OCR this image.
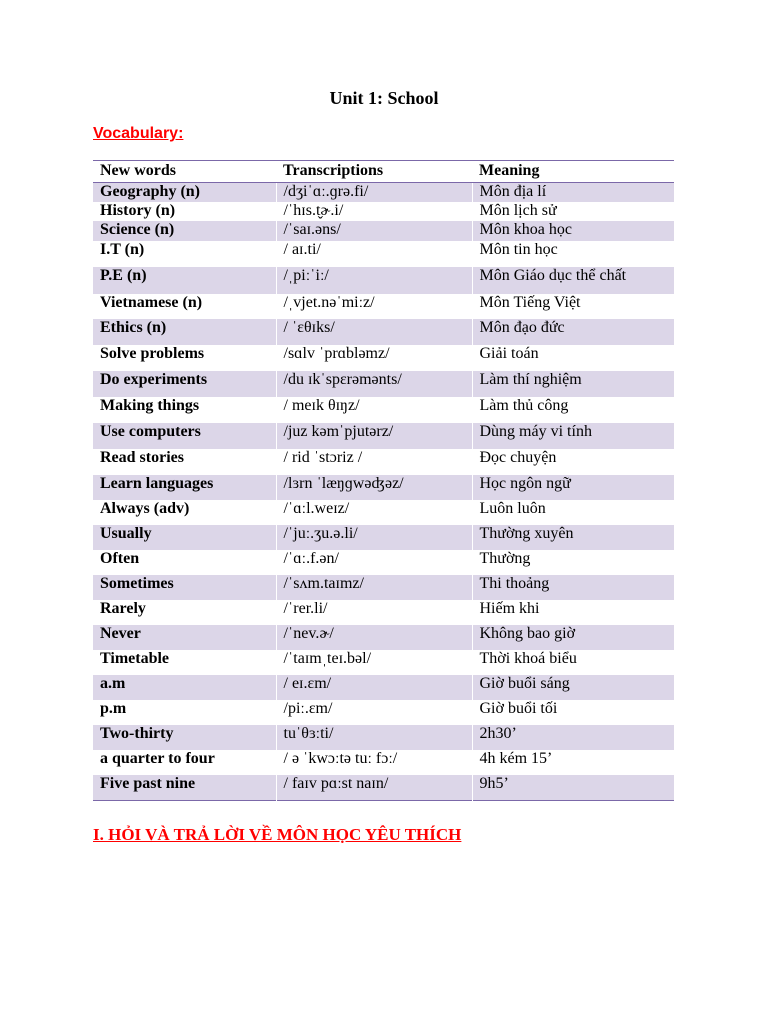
Unit 1: School
Vocabulary:
New words	Transcriptions	Meaning
Geography (n)	/dʒiˈɑː.ɡrə.fi/	Môn địa lí
History (n)	/ˈhɪs.t̬ɚ.i/	Môn lịch sử
Science (n)	/ˈsaɪ.əns/	Môn khoa học
I.T (n)	/ aɪ.ti/	Môn tin học
P.E (n)	/ˌpiːˈiː/	Môn Giáo dục thể chất
Vietnamese (n)	/ˌvjet.nəˈmiːz/	Môn Tiếng Việt
Ethics (n)	/ ˈɛθɪks/	Môn đạo đức
Solve problems	/sɑlv ˈprɑbləmz/	Giải toán
Do experiments	/du ɪkˈspɛrəmənts/	Làm thí nghiệm
Making things	/ meɪk θɪŋz/	Làm thủ công
Use computers	/juz kəmˈpjutərz/	Dùng máy vi tính
Read stories	/ rid ˈstɔriz /	Đọc chuyện
Learn languages	/lɜrn ˈlæŋɡwəʤəz/	Học ngôn ngữ
Always (adv)	/ˈɑːl.weɪz/	Luôn luôn
Usually	/ˈjuː.ʒu.ə.li/	Thường xuyên
Often	/ˈɑː.f.ən/	Thường
Sometimes	/ˈsʌm.taɪmz/	Thi thoảng
Rarely	/ˈrer.li/	Hiếm khi
Never	/ˈnev.ɚ/	Không bao giờ
Timetable	/ˈtaɪmˌteɪ.bəl/	Thời khoá biểu
a.m	/ eɪ.ɛm/	Giờ buổi sáng
p.m	/piː.ɛm/	Giờ buổi tối
Two-thirty	tuˈθɜːti/	2h30’
a quarter to four	/ ə ˈkwɔːtə tuː fɔː/	4h kém 15’
Five past nine	/ faɪv pɑːst naɪn/	9h5’
I. HỎI VÀ TRẢ LỜI VỀ MÔN HỌC YÊU THÍCH
